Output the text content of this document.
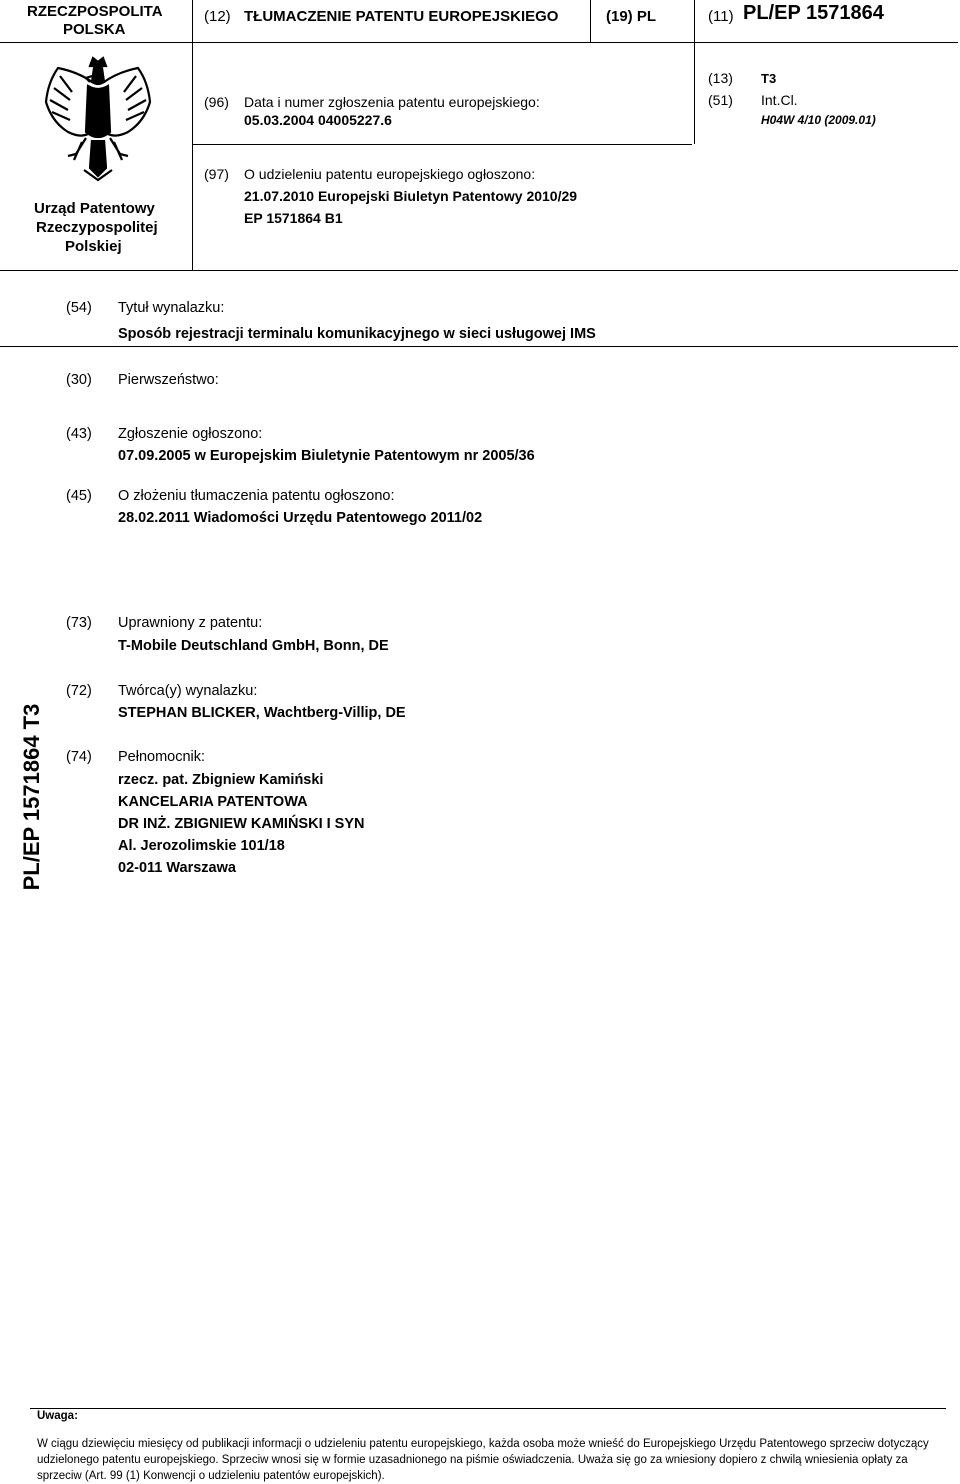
RZECZPOSPOLITA
POLSKA
(12) TŁUMACZENIE PATENTU EUROPEJSKIEGO	(19) PL	(11) PL/EP 1571864
Urząd Patentowy
Rzeczypospolitej
Polskiej
(96) Data i numer zgłoszenia patentu europejskiego:
05.03.2004 04005227.6
(97) O udzieleniu patentu europejskiego ogłoszono:
21.07.2010 Europejski Biuletyn Patentowy 2010/29
EP 1571864 B1
(13) T3
(51) Int.Cl.
H04W 4/10 (2009.01)
(54) Tytuł wynalazku:
Sposób rejestracji terminalu komunikacyjnego w sieci usługowej IMS
(30) Pierwszeństwo:
(43) Zgłoszenie ogłoszono:
07.09.2005 w Europejskim Biuletynie Patentowym nr 2005/36
(45) O złożeniu tłumaczenia patentu ogłoszono:
28.02.2011 Wiadomości Urzędu Patentowego 2011/02
(73) Uprawniony z patentu:
T-Mobile Deutschland GmbH, Bonn, DE
(72) Twórca(y) wynalazku:
STEPHAN BLICKER, Wachtberg-Villip, DE
(74) Pełnomocnik:
rzecz. pat. Zbigniew Kamiński
KANCELARIA PATENTOWA
DR INŻ. ZBIGNIEW KAMIŃSKI I SYN
Al. Jerozolimskie 101/18
02-011 Warszawa
PL/EP 1571864 T3
Uwaga:
W ciągu dziewięciu miesięcy od publikacji informacji o udzieleniu patentu europejskiego, każda osoba może wnieść do Europejskiego Urzędu Patentowego sprzeciw dotyczący udzielonego patentu europejskiego. Sprzeciw wnosi się w formie uzasadnionego na piśmie oświadczenia. Uważa się go za wniesiony dopiero z chwilą wniesienia opłaty za sprzeciw (Art. 99 (1) Konwencji o udzieleniu patentów europejskich).
